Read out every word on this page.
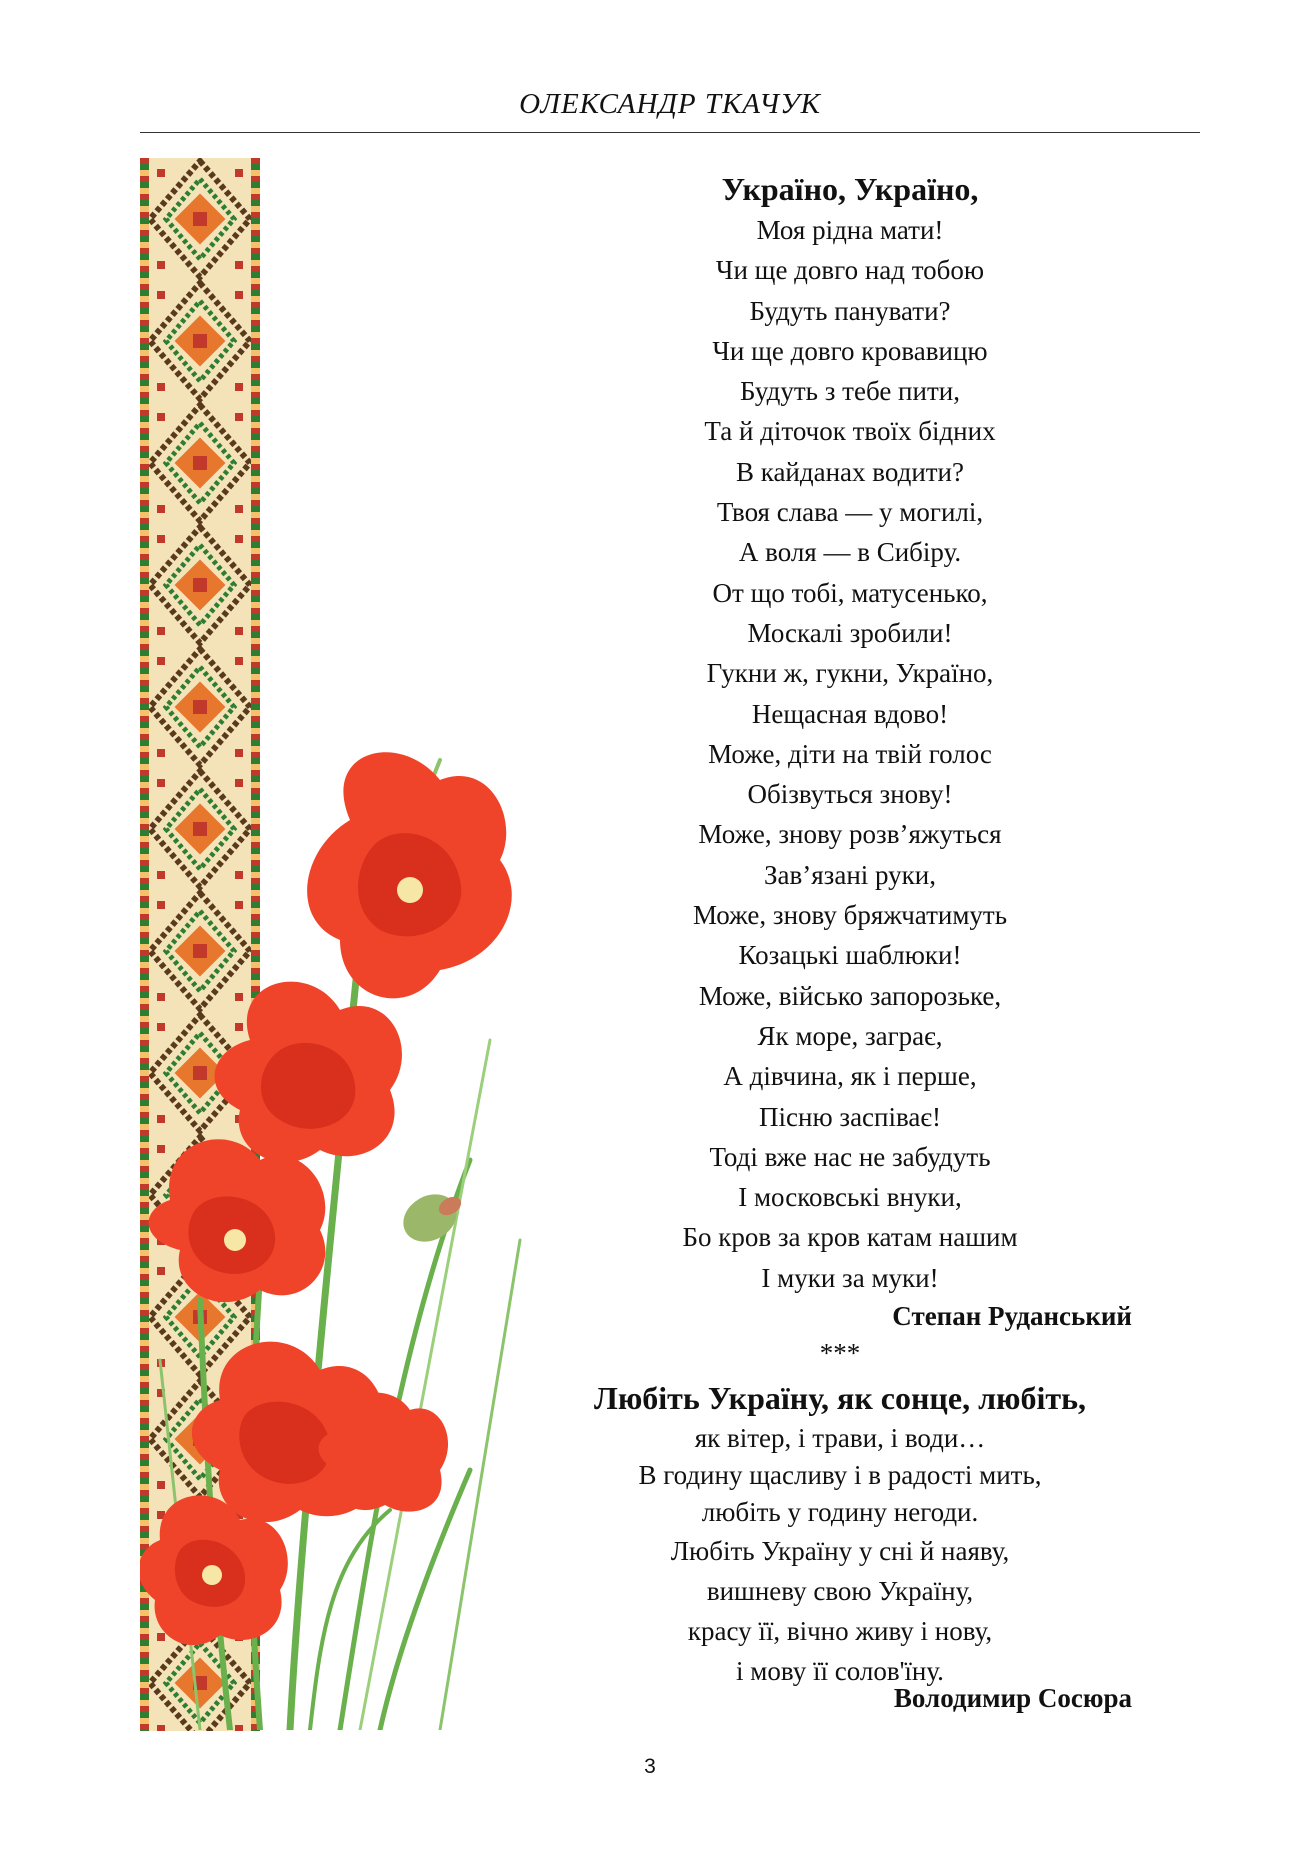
ОЛЕКСАНДР ТКАЧУК
Україно, Україно,
Моя рідна мати!
Чи ще довго над тобою
Будуть панувати?
Чи ще довго кровавицю
Будуть з тебе пити,
Та й діточок твоїх бідних
В кайданах водити?
Твоя слава — у могилі,
А воля — в Сибіру.
От що тобі, матусенько,
Москалі зробили!
Гукни ж, гукни, Україно,
Нещасная вдово!
Може, діти на твій голос
Обізвуться знову!
Може, знову розв’яжуться
Зав’язані руки,
Може, знову бряжчатимуть
Козацькі шаблюки!
Може, військо запорозьке,
Як море, заграє,
А дівчина, як і перше,
Пісню заспіває!
Тоді вже нас не забудуть
І московські внуки,
Бо кров за кров катам нашим
І муки за муки!
Степан Руданський
***
Любіть Україну, як сонце, любіть,
як вітер, і трави, і води…
В годину щасливу і в радості мить,
любіть у годину негоди.
Любіть Україну у сні й наяву,
вишневу свою Україну,
красу її, вічно живу і нову,
і мову її солов'їну.
Володимир Сосюра
3
